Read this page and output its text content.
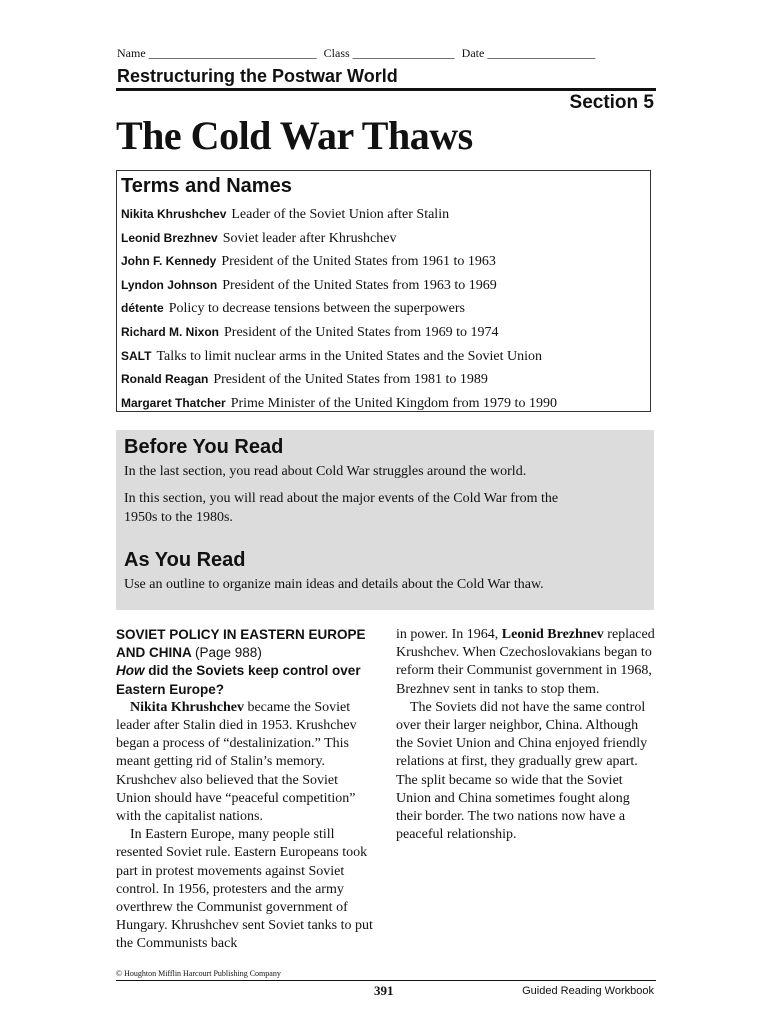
Name ____________________________ Class _________________ Date __________________
Restructuring the Postwar World
Section 5
The Cold War Thaws
Terms and Names
Nikita Khrushchev Leader of the Soviet Union after Stalin
Leonid Brezhnev Soviet leader after Khrushchev
John F. Kennedy President of the United States from 1961 to 1963
Lyndon Johnson President of the United States from 1963 to 1969
détente Policy to decrease tensions between the superpowers
Richard M. Nixon President of the United States from 1969 to 1974
SALT Talks to limit nuclear arms in the United States and the Soviet Union
Ronald Reagan President of the United States from 1981 to 1989
Margaret Thatcher Prime Minister of the United Kingdom from 1979 to 1990
Before You Read
In the last section, you read about Cold War struggles around the world.
In this section, you will read about the major events of the Cold War from the 1950s to the 1980s.
As You Read
Use an outline to organize main ideas and details about the Cold War thaw.
SOVIET POLICY IN EASTERN EUROPE AND CHINA (Page 988)
How did the Soviets keep control over Eastern Europe?

Nikita Khrushchev became the Soviet leader after Stalin died in 1953. Krushchev began a process of “destalinization.” This meant getting rid of Stalin’s memory. Krushchev also believed that the Soviet Union should have “peaceful competition” with the capitalist nations.

In Eastern Europe, many people still resented Soviet rule. Eastern Europeans took part in protest movements against Soviet control. In 1956, protesters and the army overthrew the Communist government of Hungary. Khrushchev sent Soviet tanks to put the Communists back

in power. In 1964, Leonid Brezhnev replaced Krushchev. When Czechoslovakians began to reform their Communist government in 1968, Brezhnev sent in tanks to stop them.

The Soviets did not have the same control over their larger neighbor, China. Although the Soviet Union and China enjoyed friendly relations at first, they gradually grew apart. The split became so wide that the Soviet Union and China sometimes fought along their border. The two nations now have a peaceful relationship.

© Houghton Mifflin Harcourt Publishing Company
391	Guided Reading Workbook
